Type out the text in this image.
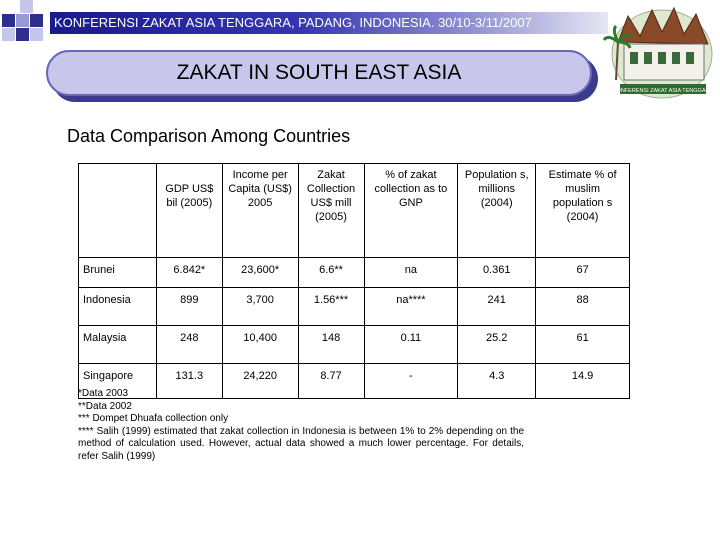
KONFERENSI ZAKAT ASIA TENGGARA, PADANG, INDONESIA. 30/10-3/11/2007
ZAKAT IN SOUTH EAST ASIA
KONFERENSI ZAKAT ASIA TENGGARA
Data Comparison Among Countries
	GDP US$ bil (2005)	Income per Capita (US$) 2005	Zakat Collection US$ mill (2005)	% of zakat collection as to GNP	Population s, millions (2004)	Estimate % of muslim population s (2004)
Brunei	6.842*	23,600*	6.6**	na	0.361	67
Indonesia	899	3,700	1.56***	na****	241	88
Malaysia	248	10,400	148	0.11	25.2	61
Singapore	131.3	24,220	8.77	-	4.3	14.9
*Data 2003
**Data 2002
*** Dompet Dhuafa collection only
**** Salih (1999) estimated that zakat collection in Indonesia is between 1% to 2% depending on the method of calculation used. However, actual data showed a much lower percentage. For details, refer Salih (1999)
